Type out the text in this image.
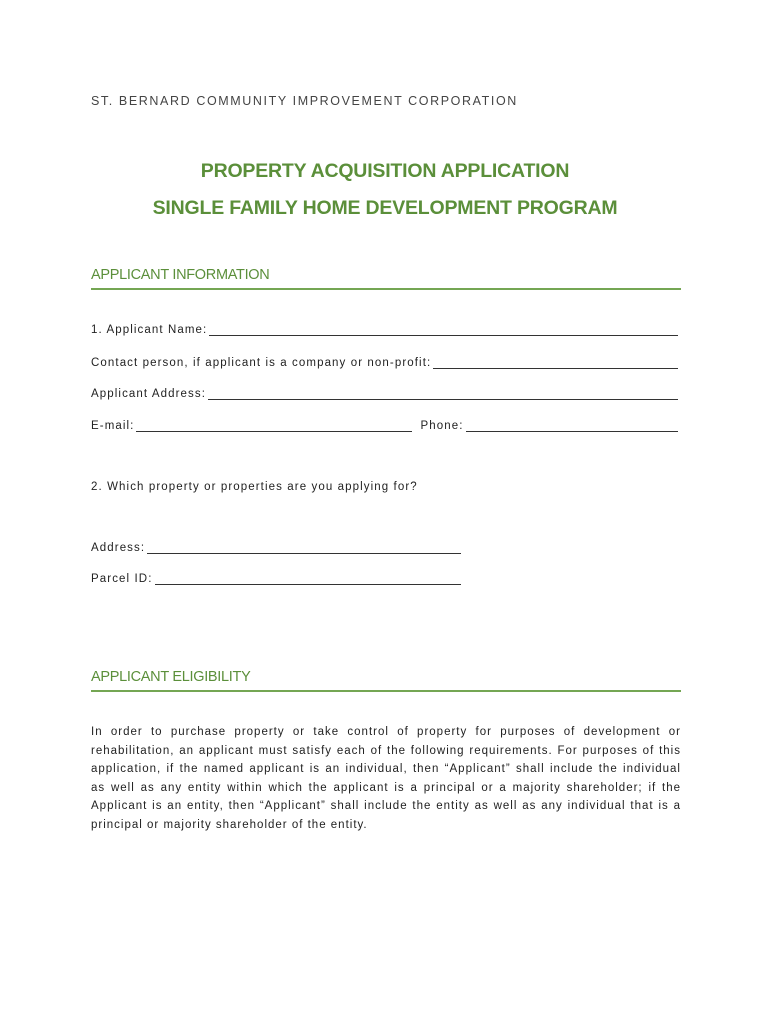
ST. BERNARD COMMUNITY IMPROVEMENT CORPORATION
PROPERTY ACQUISITION APPLICATION
SINGLE FAMILY HOME DEVELOPMENT PROGRAM
APPLICANT INFORMATION
1. Applicant Name:
Contact person, if applicant is a company or non-profit:
Applicant Address:
E-mail:	Phone:
2. Which property or properties are you applying for?
Address:
Parcel ID:
APPLICANT ELIGIBILITY
In order to purchase property or take control of property for purposes of development or rehabilitation, an applicant must satisfy each of the following requirements. For purposes of this application, if the named applicant is an individual, then “Applicant” shall include the individual as well as any entity within which the applicant is a principal or a majority shareholder; if the Applicant is an entity, then “Applicant” shall include the entity as well as any individual that is a principal or majority shareholder of the entity.
